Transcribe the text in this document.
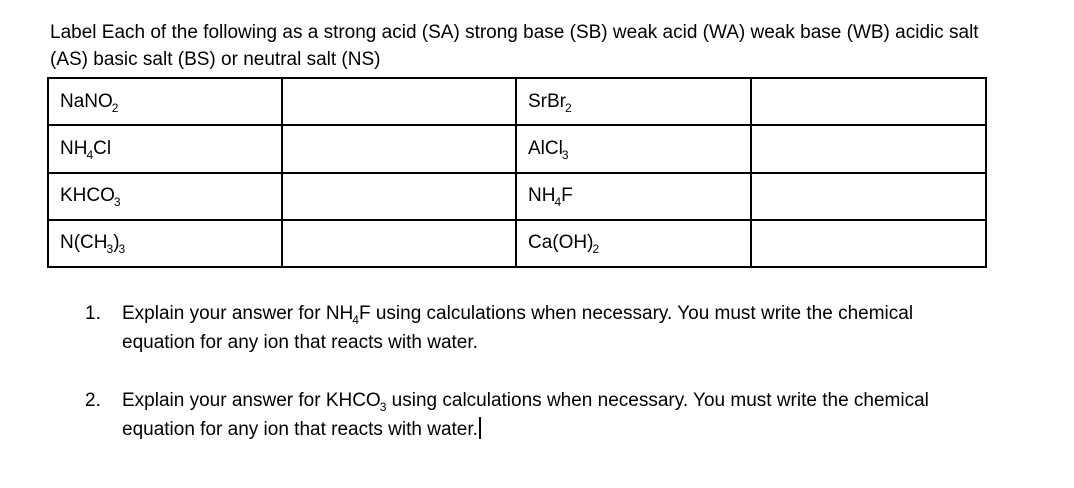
Label Each of the following as a strong acid (SA) strong base (SB) weak acid (WA) weak base (WB) acidic salt (AS) basic salt (BS) or neutral salt (NS)
NaNO$_2$		SrBr$_2$	
$NH_4Cl$		AlCl$_3$	
$KHCO_3$		$NH_4F$	
$N(CH_3)_3$		$Ca(OH)_2$	
1. Explain your answer for $NH_4F$ using calculations when necessary. You must write the chemical equation for any ion that reacts with water.
2. Explain your answer for $KHCO_3$ using calculations when necessary. You must write the chemical equation for any ion that reacts with water.
